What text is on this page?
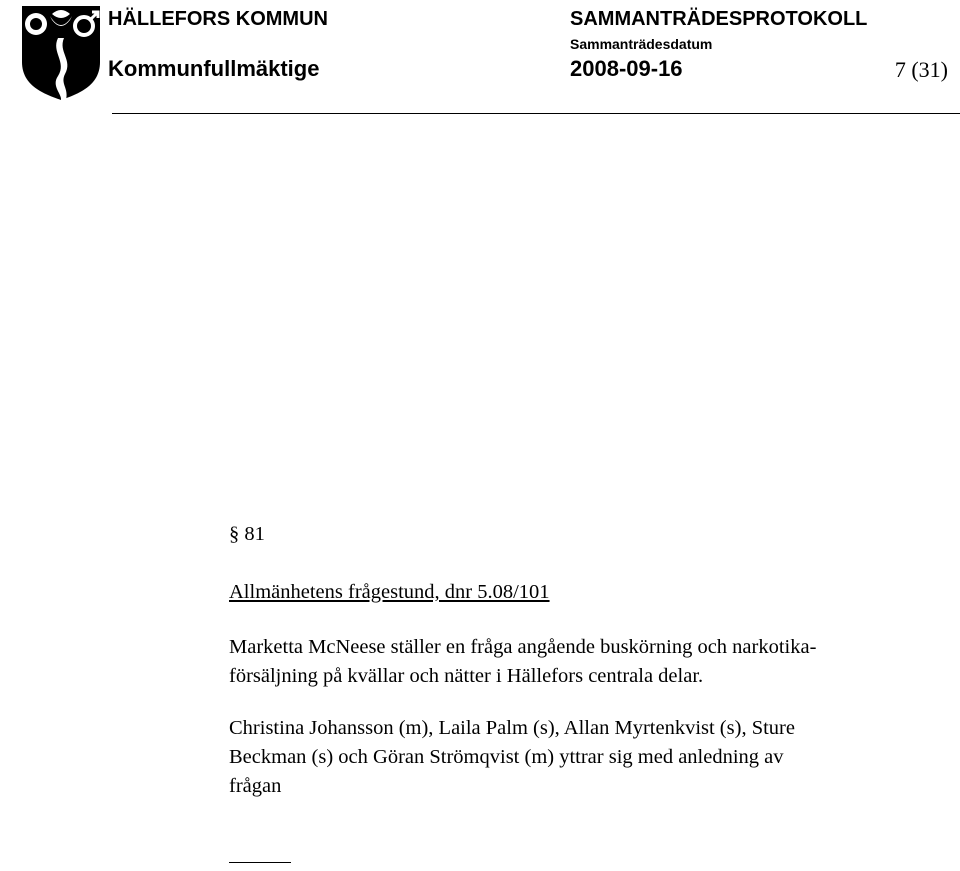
HÄLLEFORS KOMMUN	SAMMANTRÄDESPROTOKOLL
Sammanträdesdatum
Kommunfullmäktige	2008-09-16	7 (31)

§ 81

Allmänhetens frågestund, dnr 5.08/101

Marketta McNeese ställer en fråga angående buskörning och narkotika-

försäljning på kvällar och nätter i Hällefors centrala delar.

Christina Johansson (m), Laila Palm (s), Allan Myrtenkvist (s), Sture

Beckman (s) och Göran Strömqvist (m) yttrar sig med anledning av

frågan
